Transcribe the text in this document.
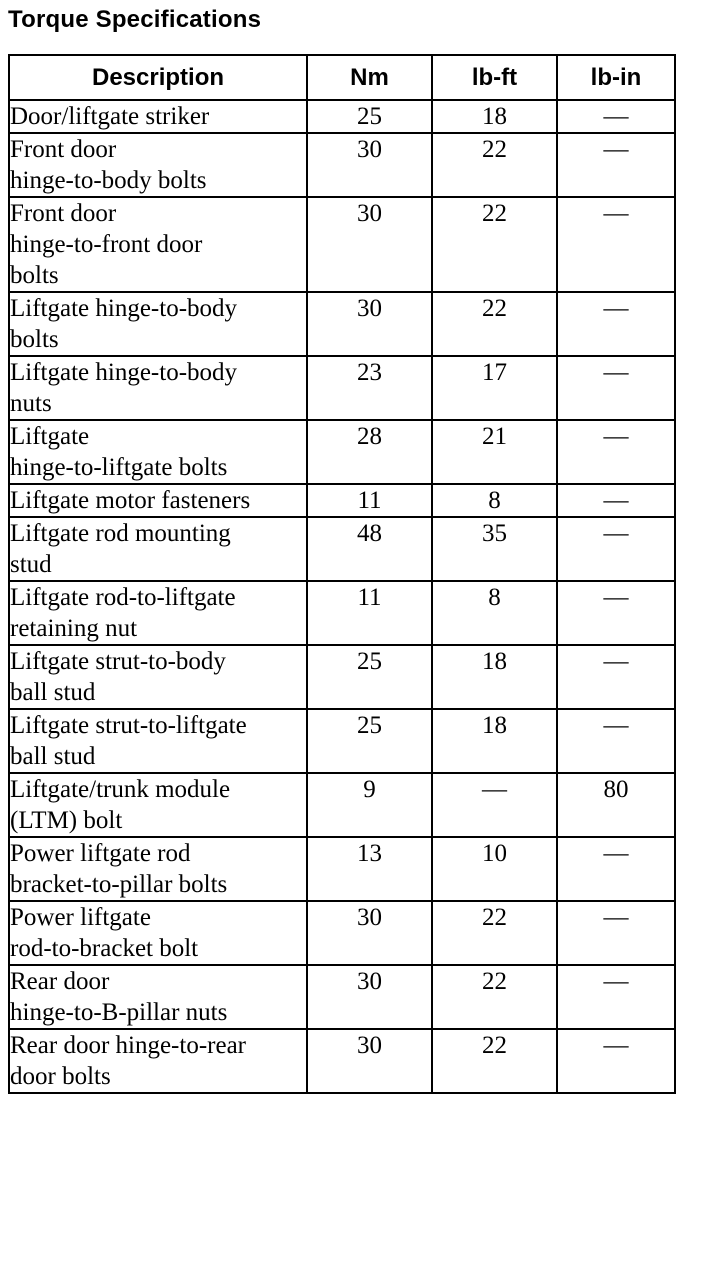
Torque Specifications
Description	Nm	lb-ft	lb-in
Door/liftgate striker	25	18	—
Front door
hinge-to-body bolts	30	22	—
Front door
hinge-to-front door
bolts	30	22	—
Liftgate hinge-to-body
bolts	30	22	—
Liftgate hinge-to-body
nuts	23	17	—
Liftgate
hinge-to-liftgate bolts	28	21	—
Liftgate motor fasteners	11	8	—
Liftgate rod mounting
stud	48	35	—
Liftgate rod-to-liftgate
retaining nut	11	8	—
Liftgate strut-to-body
ball stud	25	18	—
Liftgate strut-to-liftgate
ball stud	25	18	—
Liftgate/trunk module
(LTM) bolt	9	—	80
Power liftgate rod
bracket-to-pillar bolts	13	10	—
Power liftgate
rod-to-bracket bolt	30	22	—
Rear door
hinge-to-B-pillar nuts	30	22	—
Rear door hinge-to-rear
door bolts	30	22	—
